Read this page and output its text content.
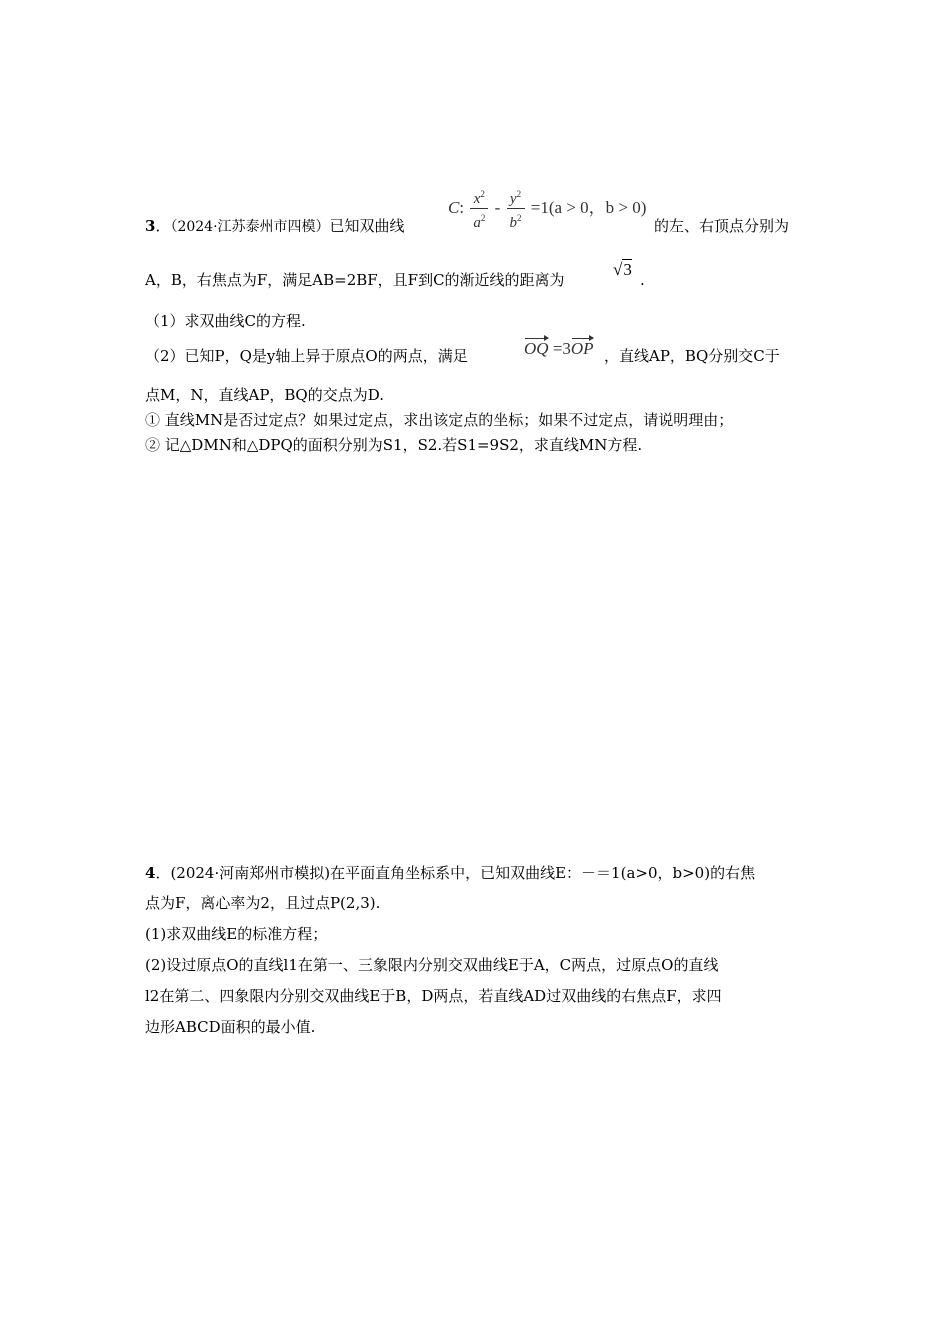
3．（2024·江苏泰州市四模）已知双曲线
C: $\frac{x^2}{a^2} - \frac{y^2}{b^2} =1(a > 0$，b > 0)
的左、右顶点分别为
A，B，右焦点为F，满足AB=2BF，且F到C的渐近线的距离为
√3
.
（1）求双曲线C的方程.
（2）已知P，Q是y轴上异于原点O的两点，满足	OQ =3OP ，直线AP，BQ分别交C于
点M，N，直线AP，BQ的交点为D.
① 直线MN是否过定点？如果过定点，求出该定点的坐标；如果不过定点，请说明理由；
② 记△DMN和△DPQ的面积分别为S1，S2.若S1=9S2，求直线MN方程.
4．(2024·河南郑州市模拟)在平面直角坐标系中，已知双曲线E：－＝1(a>0，b>0)的右焦
点为F，离心率为2，且过点P(2,3).
(1)求双曲线E的标准方程；
(2)设过原点O的直线l1在第一、三象限内分别交双曲线E于A，C两点，过原点O的直线
l2在第二、四象限内分别交双曲线E于B，D两点，若直线AD过双曲线的右焦点F，求四
边形ABCD面积的最小值.
